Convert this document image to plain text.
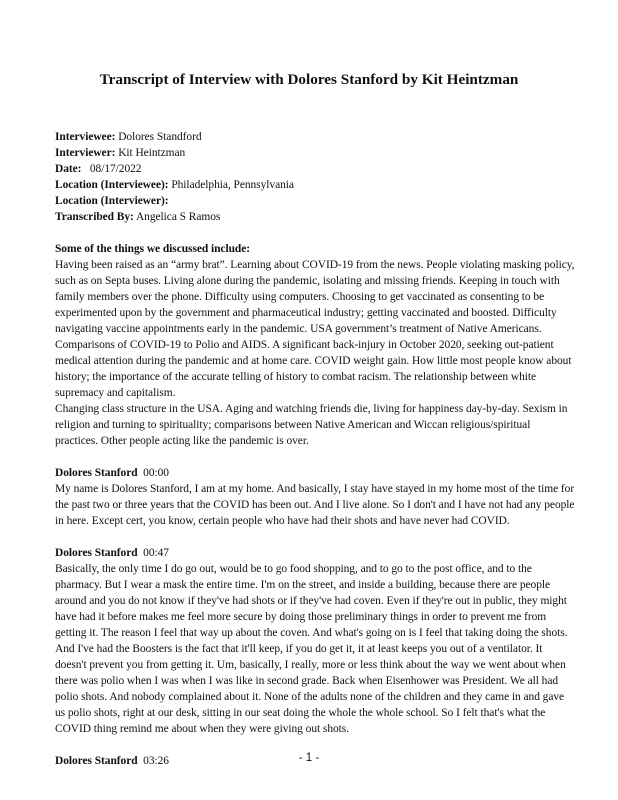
Transcript of Interview with Dolores Stanford by Kit Heintzman
Interviewee: Dolores Standford
Interviewer: Kit Heintzman
Date:   08/17/2022
Location (Interviewee): Philadelphia, Pennsylvania
Location (Interviewer):
Transcribed By: Angelica S Ramos
Some of the things we discussed include:

Having been raised as an “army brat”. Learning about COVID-19 from the news. People violating masking policy, such as on Septa buses. Living alone during the pandemic, isolating and missing friends. Keeping in touch with family members over the phone. Difficulty using computers. Choosing to get vaccinated as consenting to be experimented upon by the government and pharmaceutical industry; getting vaccinated and boosted. Difficulty navigating vaccine appointments early in the pandemic. USA government’s treatment of Native Americans. Comparisons of COVID-19 to Polio and AIDS. A significant back-injury in October 2020, seeking out-patient medical attention during the pandemic and at home care. COVID weight gain. How little most people know about history; the importance of the accurate telling of history to combat racism. The relationship between white supremacy and capitalism.

Changing class structure in the USA. Aging and watching friends die, living for happiness day-by-day. Sexism in religion and turning to spirituality; comparisons between Native American and Wiccan religious/spiritual practices. Other people acting like the pandemic is over.

Dolores Stanford 00:00

My name is Dolores Stanford, I am at my home. And basically, I stay have stayed in my home most of the time for the past two or three years that the COVID has been out. And I live alone. So I don't and I have not had any people in here. Except cert, you know, certain people who have had their shots and have never had COVID.

Dolores Stanford 00:47

Basically, the only time I do go out, would be to go food shopping, and to go to the post office, and to the pharmacy. But I wear a mask the entire time. I'm on the street, and inside a building, because there are people around and you do not know if they've had shots or if they've had coven. Even if they're out in public, they might have had it before makes me feel more secure by doing those preliminary things in order to prevent me from getting it. The reason I feel that way up about the coven. And what's going on is I feel that taking doing the shots. And I've had the Boosters is the fact that it'll keep, if you do get it, it at least keeps you out of a ventilator. It doesn't prevent you from getting it. Um, basically, I really, more or less think about the way we went about when there was polio when I was when I was like in second grade. Back when Eisenhower was President. We all had polio shots. And nobody complained about it. None of the adults none of the children and they came in and gave us polio shots, right at our desk, sitting in our seat doing the whole the whole school. So I felt that's what the COVID thing remind me about when they were giving out shots.

Dolores Stanford 03:26	- 1 -
